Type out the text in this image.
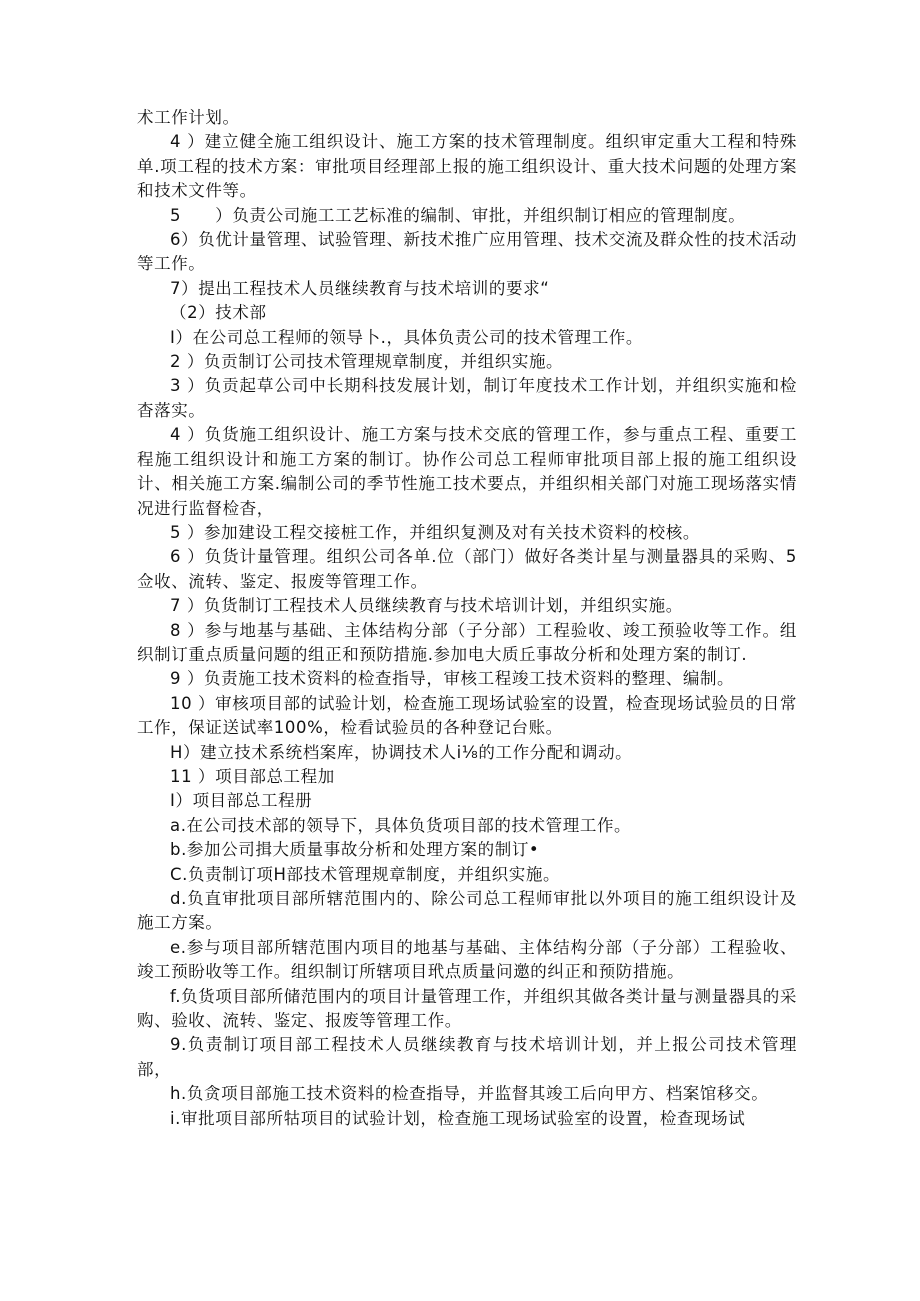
术工作计划。

4 ）建立健全施工组织设计、施工方案的技术管理制度。组织审定重大工程和特殊单.项工程的技术方案：审批项目经理部上报的施工组织设计、重大技术问题的处理方案和技术文件等。

5　　）负责公司施工工艺标准的编制、审批，并组织制订相应的管理制度。

6）负优计量管理、试验管理、新技术推广应用管理、技术交流及群众性的技术活动等工作。

7）提出工程技术人员继续教育与技术培训的要求“

（2）技术部

I）在公司总工程师的领导卜.，具体负责公司的技术管理工作。

2 ）负贡制订公司技术管理规章制度，并组织实施。

3 ）负贡起草公司中长期科技发展计划，制订年度技术工作计划，并组织实施和检杳落实。

4 ）负货施工组织设计、施工方案与技术交底的管理工作，参与重点工程、重要工程施工组织设计和施工方案的制订。协作公司总工程师审批项目部上报的施工组织设计、相关施工方案.编制公司的季节性施工技术要点，并组织相关部门对施工现场落实情况进行监督检杳，

5 ）参加建设工程交接桩工作，并组织复测及对有关技术资料的校核。

6 ）负货计量管理。组织公司各单.位（部门）做好各类计星与测量器具的采购、5佥收、流转、鉴定、报废等管理工作。

7 ）负货制订工程技术人员继续教育与技术培训计划，并组织实施。

8 ）参与地基与基础、主体结构分部（子分部）工程验收、竣工预验收等工作。组织制订重点质量问题的组正和预防措施.参加电大质丘事故分析和处理方案的制订.

9 ）负责施工技术资料的检查指导，审核工程竣工技术资料的整理、编制。

10 ）审核项目部的试验计划，检查施工现场试验室的设置，检查现场试验员的日常工作，保证送试率100%，检看试验员的各种登记台账。

H）建立技术系统档案库，协调技术人i⅛的工作分配和调动。

11 ）项目部总工程加

I）项目部总工程册

a.在公司技术部的领导下，具体负货项目部的技术管理工作。

b.参加公司揖大质量事故分析和处理方案的制订•

C.负责制订项H部技术管理规章制度，并组织实施。

d.负直审批项目部所辖范围内的、除公司总工程师审批以外项目的施工组织设计及施工方案。

e.参与项目部所辖范围内项目的地基与基础、主体结构分部（子分部）工程验收、竣工预盼收等工作。组织制订所辖项目玳点质量问邀的纠正和预防措施。

f.负货项目部所储范围内的项目计量管理工作，并组织其做各类计量与测量器具的采购、验收、流转、鉴定、报废等管理工作。

9.负责制订项目部工程技术人员继续教育与技术培训计划，并上报公司技术管理部，

h.负贪项目部施工技术资料的检查指导，并监督其竣工后向甲方、档案馆移交。

i.审批项目部所牯项目的试验计划，检查施工现场试验室的设置，检查现场试
